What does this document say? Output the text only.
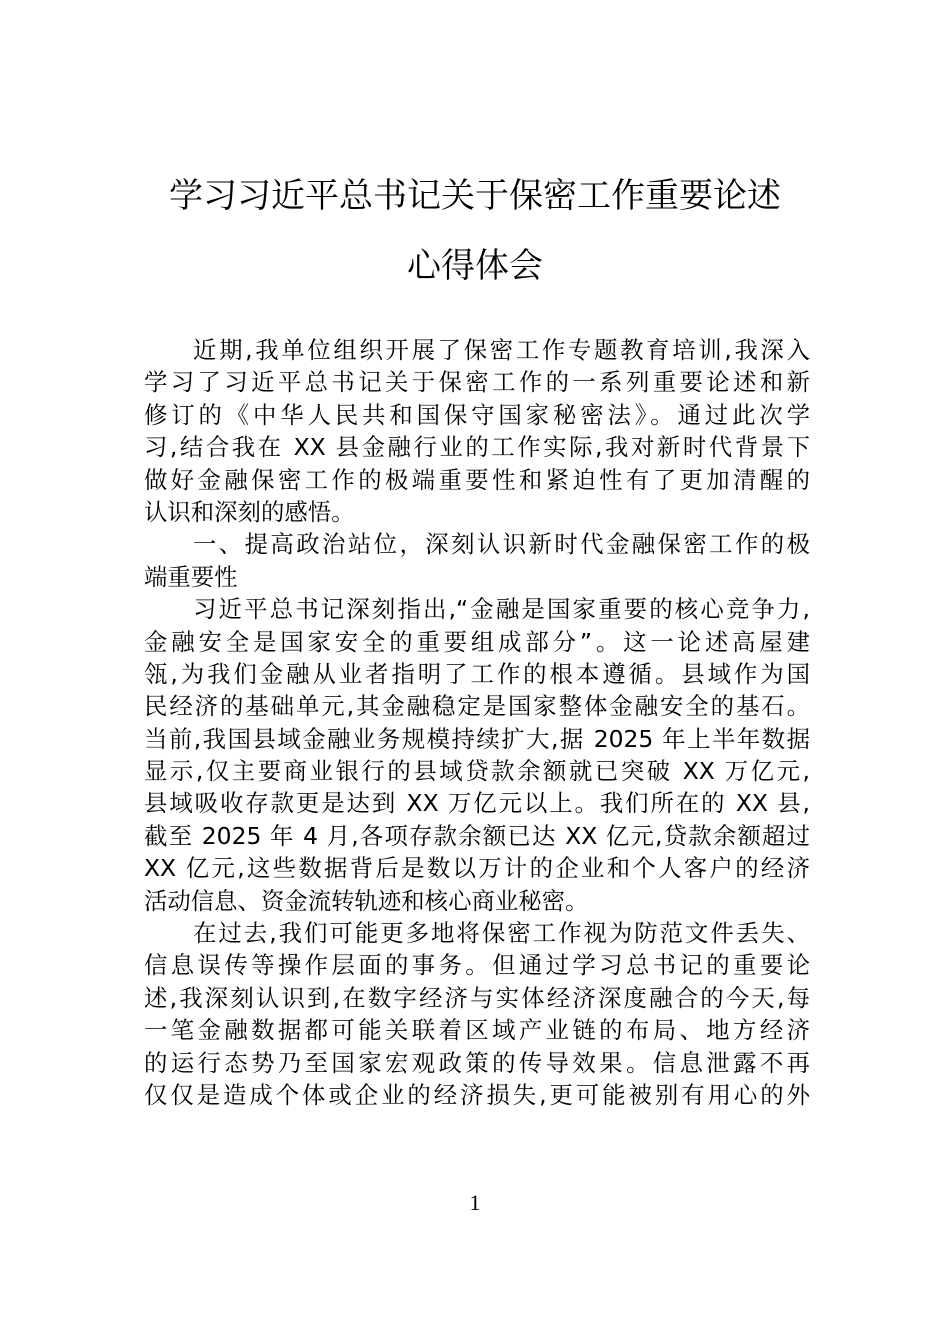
学习习近平总书记关于保密工作重要论述
心得体会
近期,我单位组织开展了保密工作专题教育培训,我深入
学习了习近平总书记关于保密工作的一系列重要论述和新
修订的《中华人民共和国保守国家秘密法》。通过此次学
习,结合我在 XX 县金融行业的工作实际,我对新时代背景下
做好金融保密工作的极端重要性和紧迫性有了更加清醒的
认识和深刻的感悟。
一、提高政治站位，深刻认识新时代金融保密工作的极
端重要性
习近平总书记深刻指出,“金融是国家重要的核心竞争力,
金融安全是国家安全的重要组成部分”。这一论述高屋建
瓴,为我们金融从业者指明了工作的根本遵循。县域作为国
民经济的基础单元,其金融稳定是国家整体金融安全的基石。
当前,我国县域金融业务规模持续扩大,据 2025 年上半年数据
显示,仅主要商业银行的县域贷款余额就已突破 XX 万亿元,
县域吸收存款更是达到 XX 万亿元以上。我们所在的 XX 县,
截至 2025 年 4 月,各项存款余额已达 XX 亿元,贷款余额超过
XX 亿元,这些数据背后是数以万计的企业和个人客户的经济
活动信息、资金流转轨迹和核心商业秘密。
在过去,我们可能更多地将保密工作视为防范文件丢失、
信息误传等操作层面的事务。但通过学习总书记的重要论
述,我深刻认识到,在数字经济与实体经济深度融合的今天,每
一笔金融数据都可能关联着区域产业链的布局、地方经济
的运行态势乃至国家宏观政策的传导效果。信息泄露不再
仅仅是造成个体或企业的经济损失,更可能被别有用心的外
1
